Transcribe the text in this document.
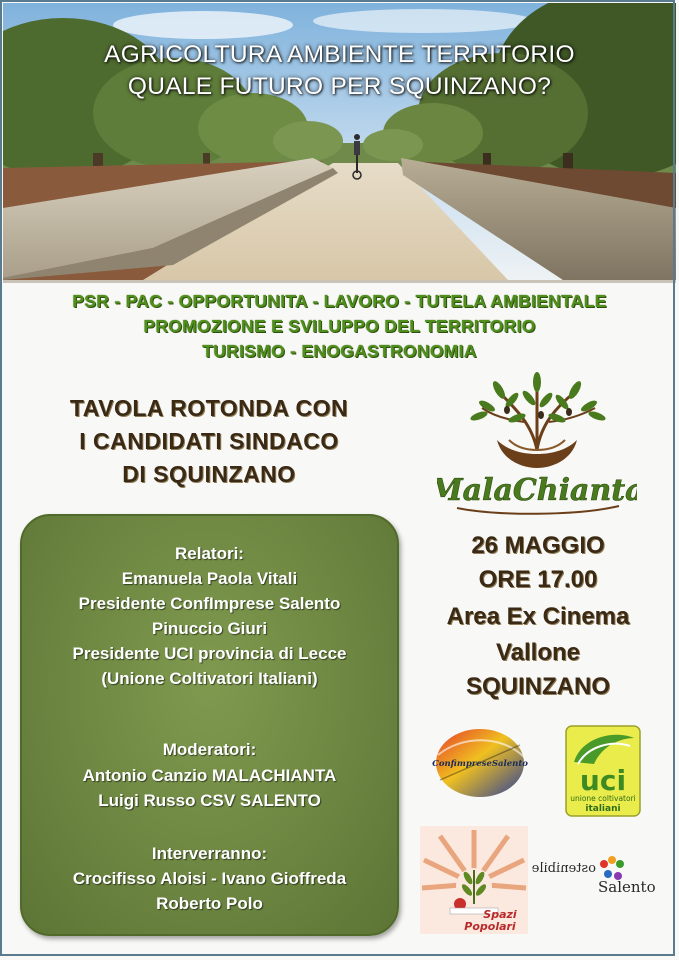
AGRICOLTURA AMBIENTE TERRITORIO
QUALE FUTURO PER SQUINZANO?
PSR - PAC - OPPORTUNITA - LAVORO - TUTELA AMBIENTALE
PROMOZIONE E SVILUPPO DEL TERRITORIO
TURISMO - ENOGASTRONOMIA
TAVOLA ROTONDA CON
I CANDIDATI SINDACO
DI SQUINZANO	MalaChianta
Relatori:
Emanuela Paola Vitali
Presidente ConfImprese Salento
Pinuccio Giuri
Presidente UCI provincia di Lecce
(Unione Coltivatori Italiani)
Moderatori:
Antonio Canzio MALACHIANTA
Luigi Russo CSV SALENTO
Interverranno:
Crocifisso Aloisi - Ivano Gioffreda
Roberto Polo
26 MAGGIO
ORE 17.00
Area Ex Cinema
Vallone
SQUINZANO
ConfimpreseSalento uci
unione coltivatori
italiani
Spazi
Popolari
ostenibile
Salento
